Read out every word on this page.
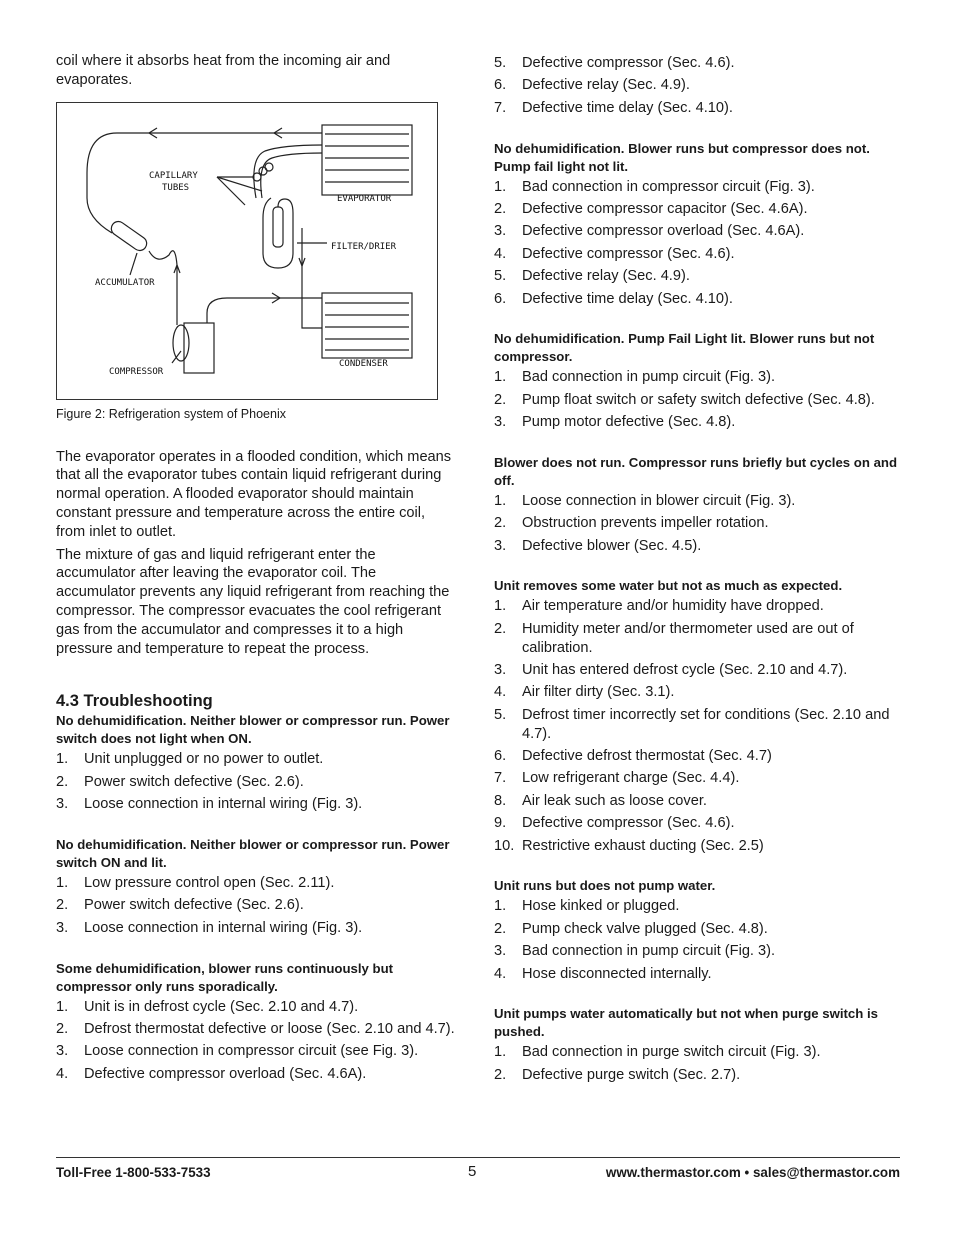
coil where it absorbs heat from the incoming air and evaporates.

CAPILLARY
TUBES
EVAPORATOR
FILTER/DRIER
ACCUMULATOR
CONDENSER
COMPRESSOR
Figure 2: Refrigeration system of Phoenix

The evaporator operates in a flooded condition, which means that all the evaporator tubes contain liquid refrigerant during normal operation. A flooded evaporator should maintain constant pressure and temperature across the entire coil, from inlet to outlet.

The mixture of gas and liquid refrigerant enter the accumulator after leaving the evaporator coil. The accumulator prevents any liquid refrigerant from reaching the compressor. The compressor evacuates the cool refrigerant gas from the accumulator and compresses it to a high pressure and temperature to repeat the process.

4.3 Troubleshooting
No dehumidification. Neither blower or compressor run. Power switch does not light when ON.
1. Unit unplugged or no power to outlet.
2. Power switch defective (Sec. 2.6).
3. Loose connection in internal wiring (Fig. 3).
No dehumidification. Neither blower or compressor run. Power switch ON and lit.
1. Low pressure control open (Sec. 2.11).
2. Power switch defective (Sec. 2.6).
3. Loose connection in internal wiring (Fig. 3).
Some dehumidification, blower runs continuously but compressor only runs sporadically.
1. Unit is in defrost cycle (Sec. 2.10 and 4.7).
2. Defrost thermostat defective or loose (Sec. 2.10 and 4.7).
3. Loose connection in compressor circuit (see Fig. 3).
4. Defective compressor overload (Sec. 4.6A).
5. Defective compressor (Sec. 4.6).
6. Defective relay (Sec. 4.9).
7. Defective time delay (Sec. 4.10).
No dehumidification. Blower runs but compressor does not. Pump fail light not lit.
1. Bad connection in compressor circuit (Fig. 3).
2. Defective compressor capacitor (Sec. 4.6A).
3. Defective compressor overload (Sec. 4.6A).
4. Defective compressor (Sec. 4.6).
5. Defective relay (Sec. 4.9).
6. Defective time delay (Sec. 4.10).
No dehumidification. Pump Fail Light lit. Blower runs but not compressor.
1. Bad connection in pump circuit (Fig. 3).
2. Pump float switch or safety switch defective (Sec. 4.8).
3. Pump motor defective (Sec. 4.8).
Blower does not run. Compressor runs briefly but cycles on and off.
1. Loose connection in blower circuit (Fig. 3).
2. Obstruction prevents impeller rotation.
3. Defective blower (Sec. 4.5).
Unit removes some water but not as much as expected.
1. Air temperature and/or humidity have dropped.
2. Humidity meter and/or thermometer used are out of calibration.
3. Unit has entered defrost cycle (Sec. 2.10 and 4.7).
4. Air filter dirty (Sec. 3.1).
5. Defrost timer incorrectly set for conditions (Sec. 2.10 and 4.7).
6. Defective defrost thermostat (Sec. 4.7)
7. Low refrigerant charge (Sec. 4.4).
8. Air leak such as loose cover.
9. Defective compressor (Sec. 4.6).
10. Restrictive exhaust ducting (Sec. 2.5)
Unit runs but does not pump water.
1. Hose kinked or plugged.
2. Pump check valve plugged (Sec. 4.8).
3. Bad connection in pump circuit (Fig. 3).
4. Hose disconnected internally.
Unit pumps water automatically but not when purge switch is pushed.
1. Bad connection in purge switch circuit (Fig. 3).
2. Defective purge switch (Sec. 2.7).
Toll-Free 1-800-533-7533	5	www.thermastor.com • sales@thermastor.com
